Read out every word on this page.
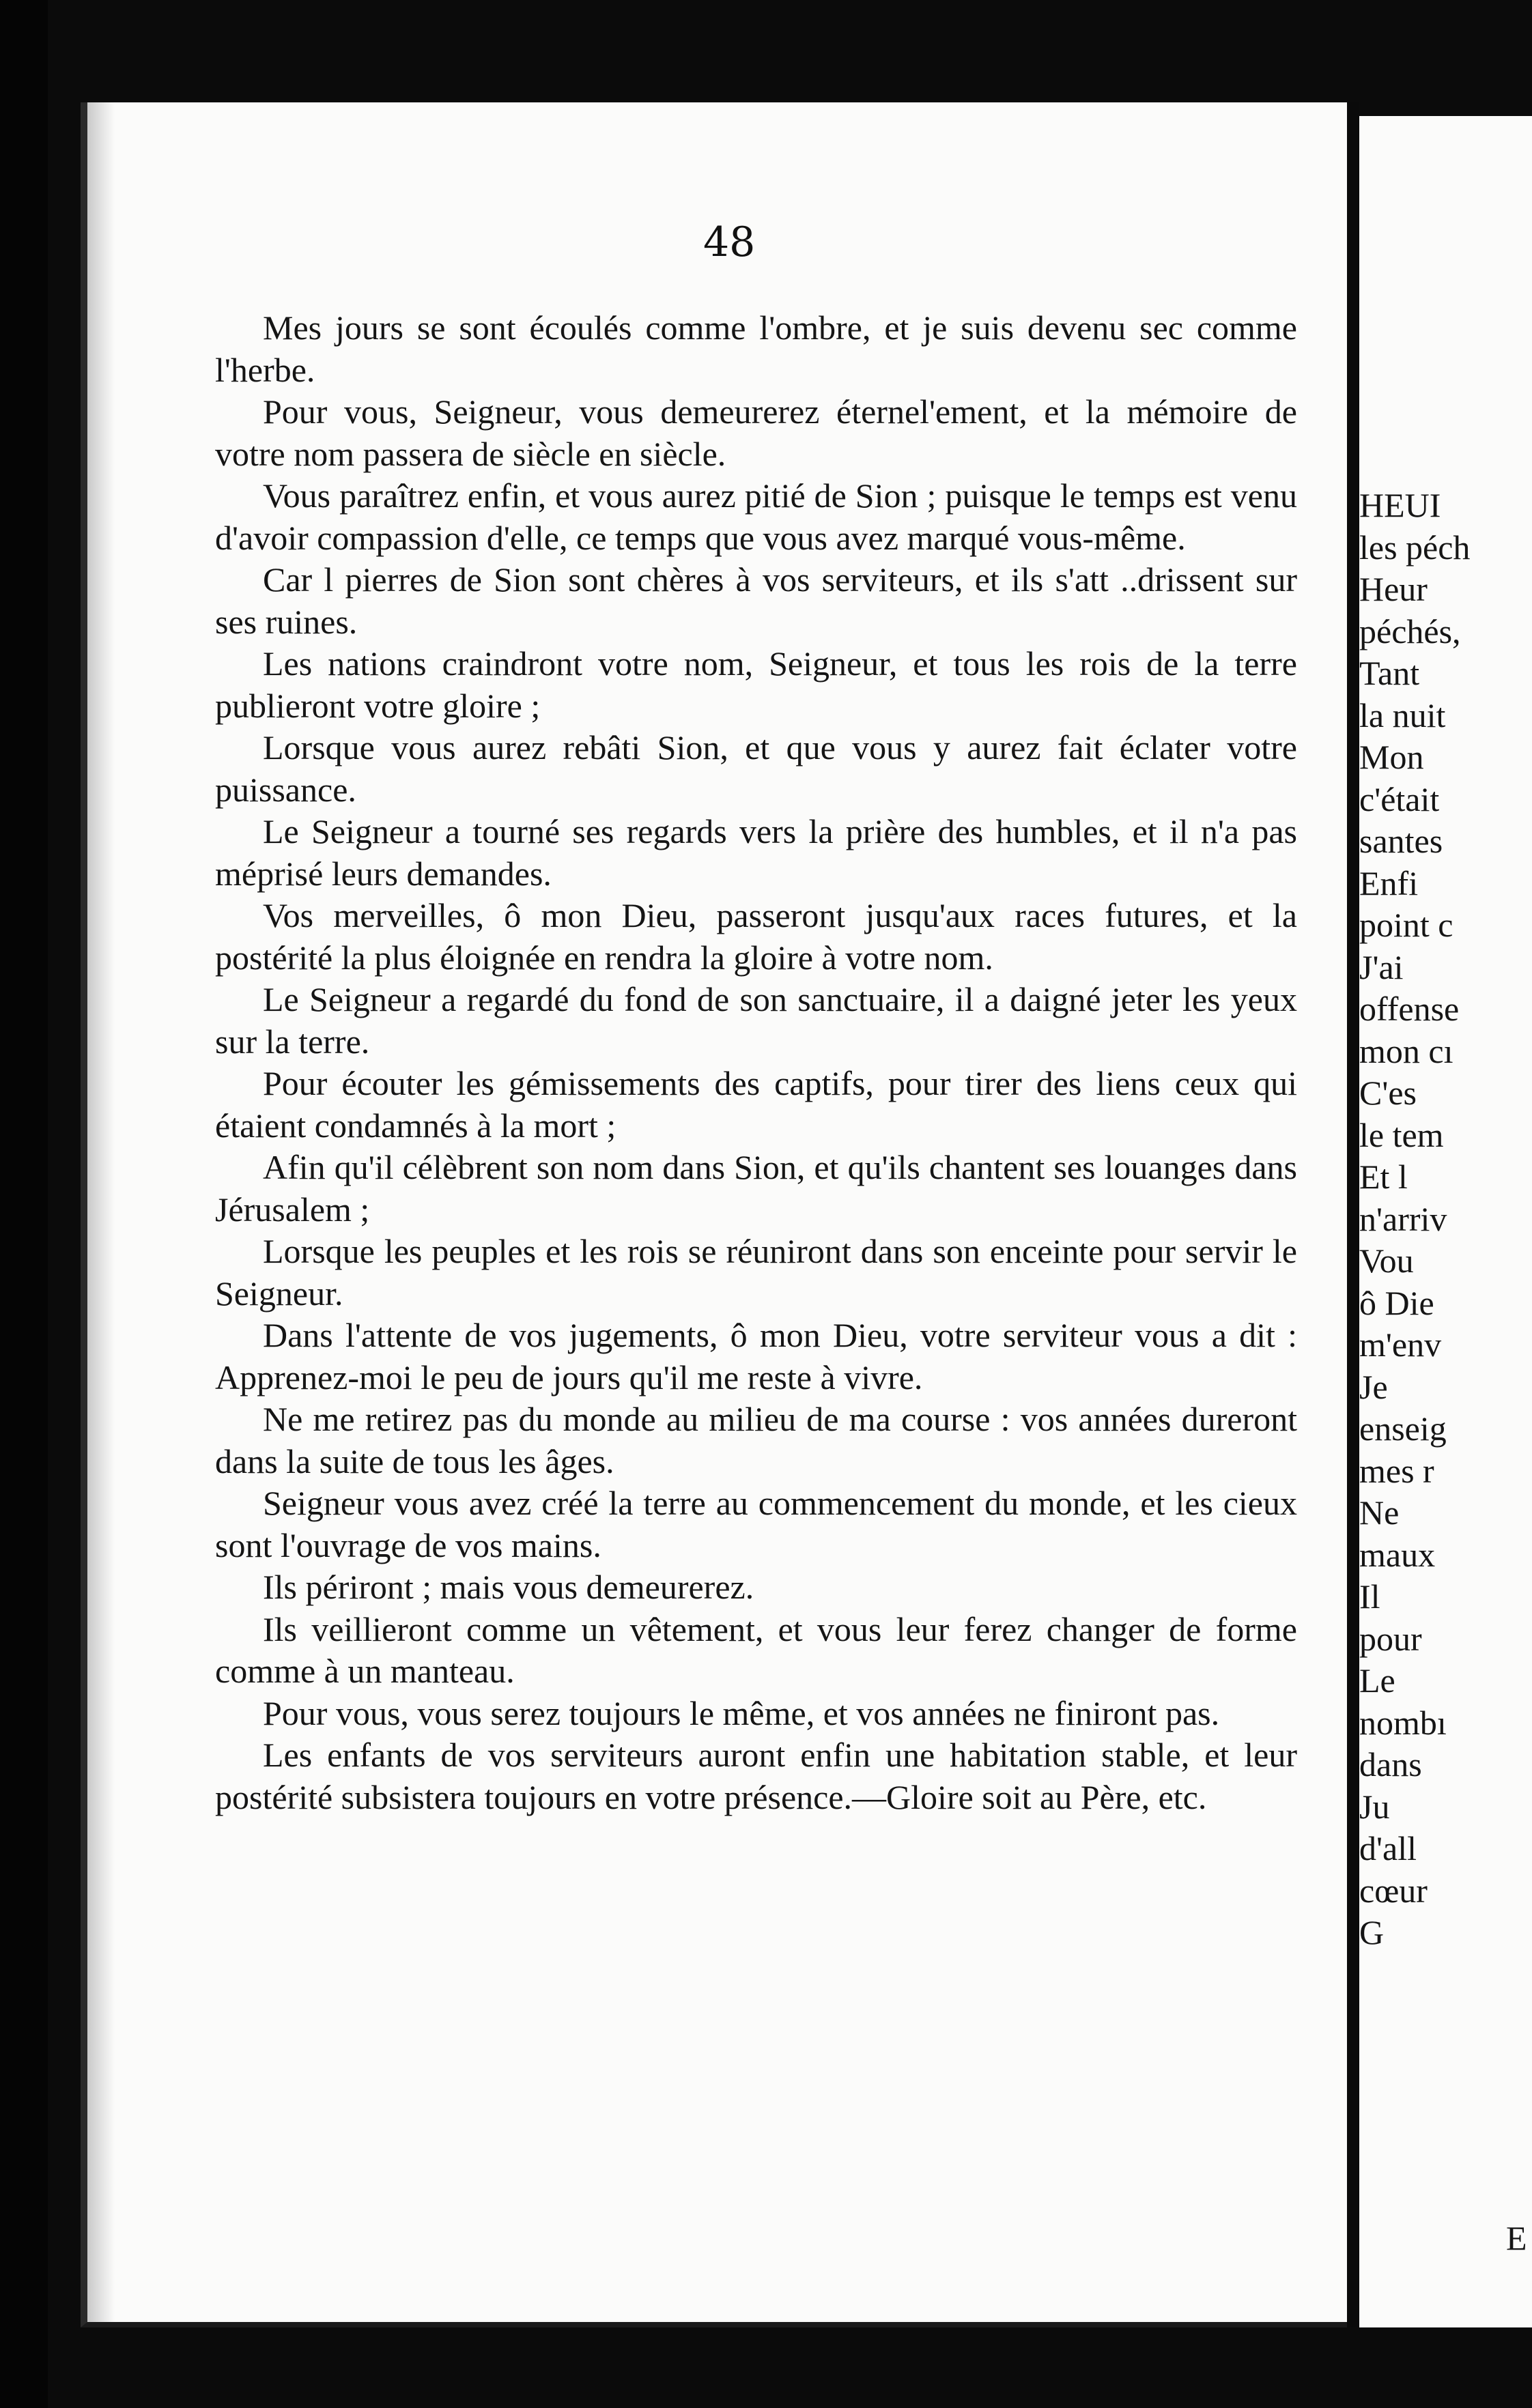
48

Mes jours se sont écoulés comme l'ombre, et je suis devenu sec comme l'herbe.

Pour vous, Seigneur, vous demeurerez éternel'ement, et la mémoire de votre nom passera de siècle en siècle.

Vous paraîtrez enfin, et vous aurez pitié de Sion ; puisque le temps est venu d'avoir compassion d'elle, ce temps que vous avez marqué vous-même.

Car l pierres de Sion sont chères à vos serviteurs, et ils s'att ..drissent sur ses ruines.

Les nations craindront votre nom, Seigneur, et tous les rois de la terre publieront votre gloire ;

Lorsque vous aurez rebâti Sion, et que vous y aurez fait éclater votre puissance.

Le Seigneur a tourné ses regards vers la prière des humbles, et il n'a pas méprisé leurs demandes.

Vos merveilles, ô mon Dieu, passeront jusqu'aux races futures, et la postérité la plus éloignée en rendra la gloire à votre nom.

Le Seigneur a regardé du fond de son sanctuaire, il a daigné jeter les yeux sur la terre.

Pour écouter les gémissements des captifs, pour tirer des liens ceux qui étaient condamnés à la mort ;

Afin qu'il célèbrent son nom dans Sion, et qu'ils chantent ses louanges dans Jérusalem ;

Lorsque les peuples et les rois se réuniront dans son enceinte pour servir le Seigneur.

Dans l'attente de vos jugements, ô mon Dieu, votre serviteur vous a dit : Apprenez-moi le peu de jours qu'il me reste à vivre.

Ne me retirez pas du monde au milieu de ma course : vos années dureront dans la suite de tous les âges.

Seigneur vous avez créé la terre au commencement du monde, et les cieux sont l'ouvrage de vos mains.

Ils périront ; mais vous demeurerez.

Ils veillieront comme un vêtement, et vous leur ferez changer de forme comme à un manteau.

Pour vous, vous serez toujours le même, et vos années ne finiront pas.

Les enfants de vos serviteurs auront enfin une habitation stable, et leur postérité subsistera toujours en votre présence.—Gloire soit au Père, etc.

HEUI
les péch
Heur
péchés,
Tant
la nuit
Mon
c'était
santes
Enfi
point c
J'ai
offense
mon cı
C'es
le tem
Et l
n'arriv
Vou
ô Die
m'env
Je
enseig
mes r
Ne
maux
Il
pour
Le
nombı
dans
Ju
d'all
cœur
G
E
